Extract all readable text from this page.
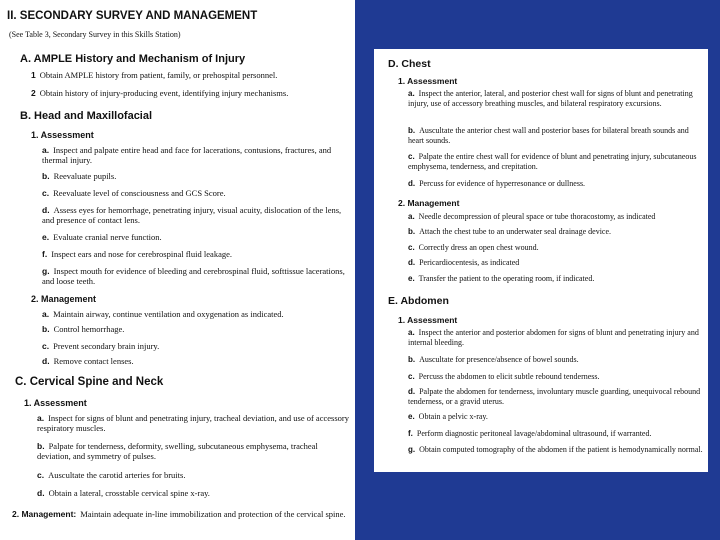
II. SECONDARY SURVEY AND MANAGEMENT
(See Table 3, Secondary Survey in this Skills Station)
A. AMPLE History and Mechanism of Injury
1 Obtain AMPLE history from patient, family, or prehospital personnel.
2 Obtain history of injury-producing event, identifying injury mechanisms.
B. Head and Maxillofacial
1. Assessment
a. Inspect and palpate entire head and face for lacerations, contusions, fractures, and thermal injury.
b. Reevaluate pupils.
c. Reevaluate level of consciousness and GCS Score.
d. Assess eyes for hemorrhage, penetrating injury, visual acuity, dislocation of the lens, and presence of contact lens.
e. Evaluate cranial nerve function.
f. Inspect ears and nose for cerebrospinal fluid leakage.
g. Inspect mouth for evidence of bleeding and cerebrospinal fluid, softtissue lacerations, and loose teeth.
2. Management
a. Maintain airway, continue ventilation and oxygenation as indicated.
b. Control hemorrhage.
c. Prevent secondary brain injury.
d. Remove contact lenses.
C. Cervical Spine and Neck
1. Assessment
a. Inspect for signs of blunt and penetrating injury, tracheal deviation, and use of accessory respiratory muscles.
b. Palpate for tenderness, deformity, swelling, subcutaneous emphysema, tracheal deviation, and symmetry of pulses.
c. Auscultate the carotid arteries for bruits.
d. Obtain a lateral, crosstable cervical spine x-ray.
2. Management: Maintain adequate in-line immobilization and protection of the cervical spine.
D. Chest
1. Assessment
a. Inspect the anterior, lateral, and posterior chest wall for signs of blunt and penetrating injury, use of accessory breathing muscles, and bilateral respiratory excursions.
b. Auscultate the anterior chest wall and posterior bases for bilateral breath sounds and heart sounds.
c. Palpate the entire chest wall for evidence of blunt and penetrating injury, subcutaneous emphysema, tenderness, and crepitation.
d. Percuss for evidence of hyperresonance or dullness.
2. Management
a. Needle decompression of pleural space or tube thoracostomy, as indicated
b. Attach the chest tube to an underwater seal drainage device.
c. Correctly dress an open chest wound.
d. Pericardiocentesis, as indicated
e. Transfer the patient to the operating room, if indicated.
E. Abdomen
1. Assessment
a. Inspect the anterior and posterior abdomen for signs of blunt and penetrating injury and internal bleeding.
b. Auscultate for presence/absence of bowel sounds.
c. Percuss the abdomen to elicit subtle rebound tenderness.
d. Palpate the abdomen for tenderness, involuntary muscle guarding, unequivocal rebound tenderness, or a gravid uterus.
e. Obtain a pelvic x-ray.
f. Perform diagnostic peritoneal lavage/abdominal ultrasound, if warranted.
g. Obtain computed tomography of the abdomen if the patient is hemodynamically normal.
